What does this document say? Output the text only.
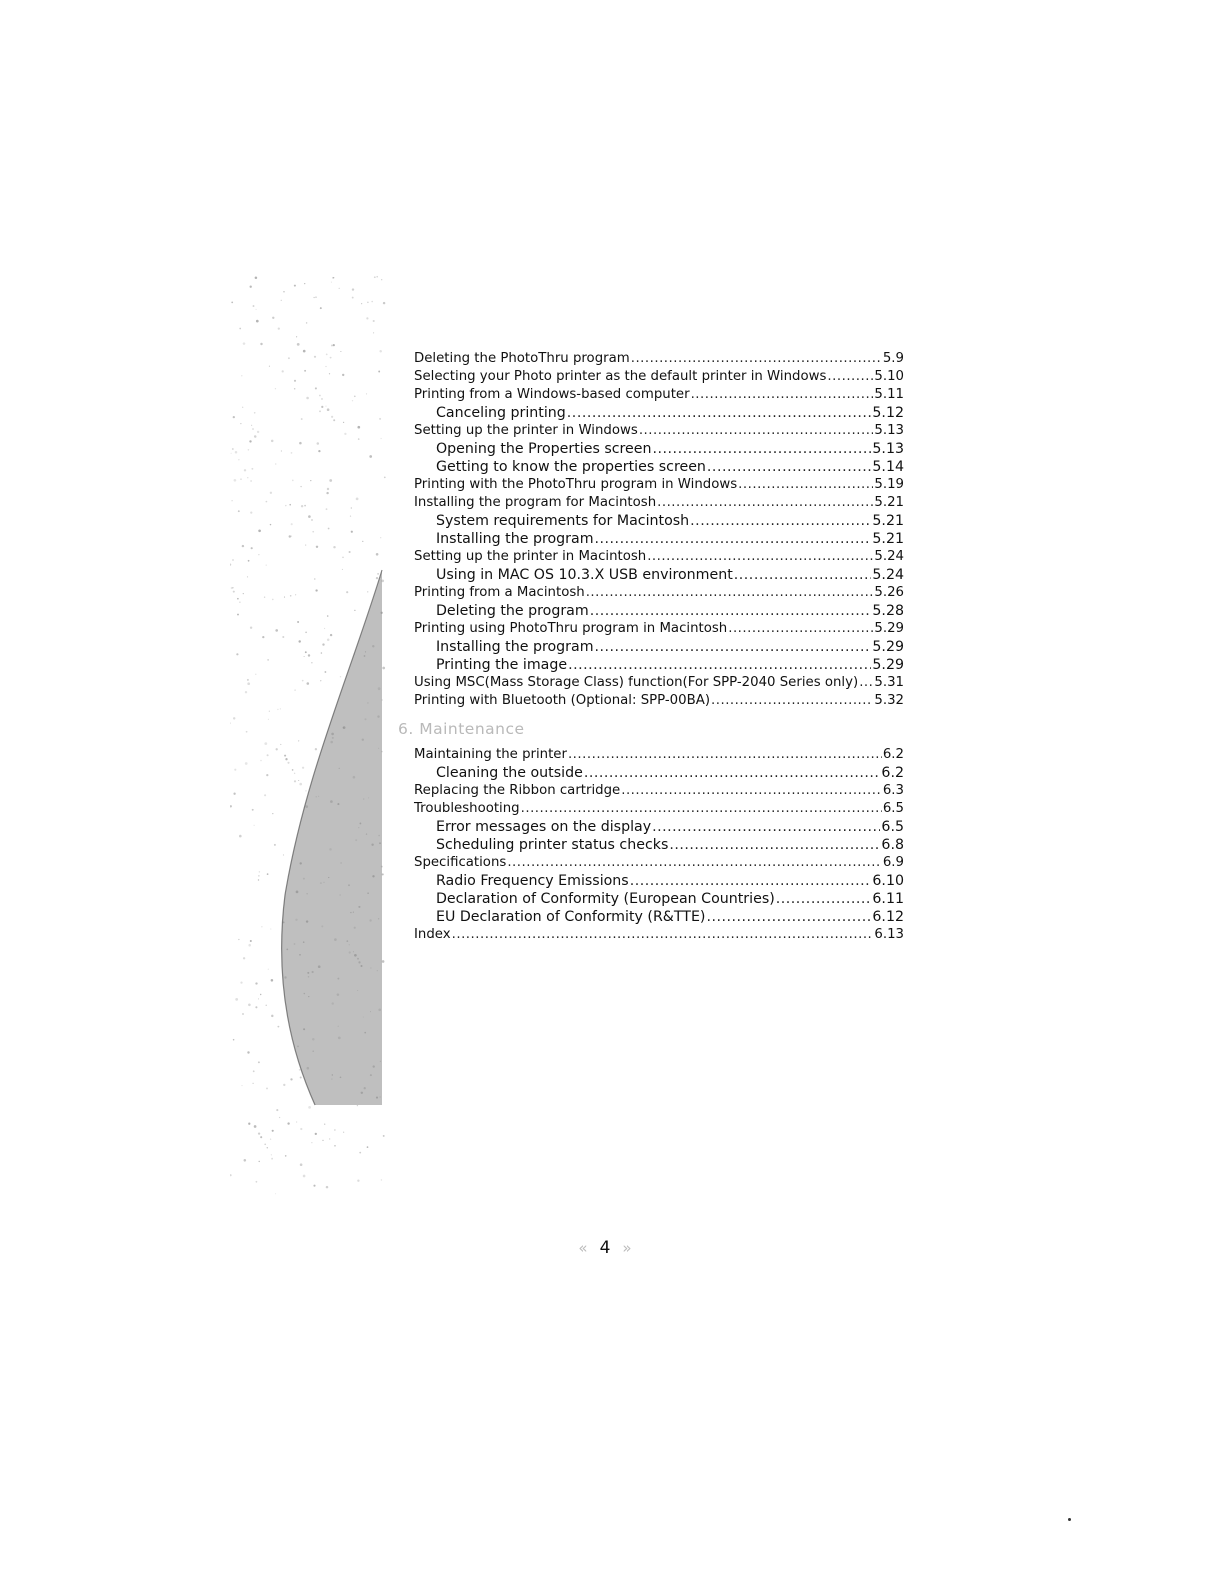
Deleting the PhotoThru program .....	5.9
Selecting your Photo printer as the default printer in Windows .....	5.10
Printing from a Windows-based computer .....	5.11
Canceling printing .....	5.12
Setting up the printer in Windows .....	5.13
Opening the Properties screen .....	5.13
Getting to know the properties screen .....	5.14
Printing with the PhotoThru program in Windows .....	5.19
Installing the program for Macintosh .....	5.21
System requirements for Macintosh .....	5.21
Installing the program .....	5.21
Setting up the printer in Macintosh .....	5.24
Using in MAC OS 10.3.X USB environment .....	5.24
Printing from a Macintosh .....	5.26
Deleting the program .....	5.28
Printing using PhotoThru program in Macintosh .....	5.29
Installing the program .....	5.29
Printing the image .....	5.29
Using MSC(Mass Storage Class) function(For SPP-2040 Series only) ..... 5.31
Printing with Bluetooth (Optional: SPP-00BA) .....	5.32
6. Maintenance
Maintaining the printer .....	6.2
Cleaning the outside .....	6.2
Replacing the Ribbon cartridge .....	6.3
Troubleshooting .....	6.5
Error messages on the display .....	6.5
Scheduling printer status checks .....	6.8
Specifications .....	6.9
Radio Frequency Emissions .....	6.10
Declaration of Conformity (European Countries) .....	6.11
EU Declaration of Conformity (R&TTE) .....	6.12
Index .....	6.13
« 4 »
